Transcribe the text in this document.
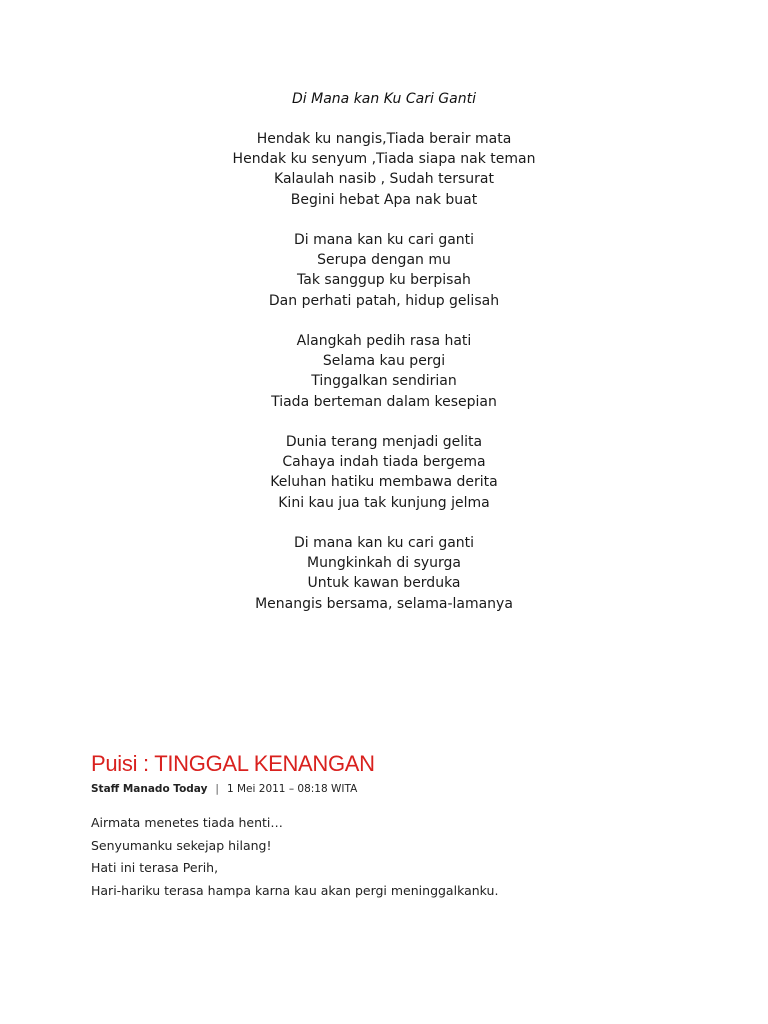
Di Mana kan Ku Cari Ganti
Hendak ku nangis,Tiada berair mata
Hendak ku senyum ,Tiada siapa nak teman
Kalaulah nasib , Sudah tersurat
Begini hebat Apa nak buat
Di mana kan ku cari ganti
Serupa dengan mu
Tak sanggup ku berpisah
Dan perhati patah, hidup gelisah
Alangkah pedih rasa hati
Selama kau pergi
Tinggalkan sendirian
Tiada berteman dalam kesepian
Dunia terang menjadi gelita
Cahaya indah tiada bergema
Keluhan hatiku membawa derita
Kini kau jua tak kunjung jelma
Di mana kan ku cari ganti
Mungkinkah di syurga
Untuk kawan berduka
Menangis bersama, selama-lamanya
Puisi : TINGGAL KENANGAN
Staff Manado Today | 1 Mei 2011 – 08:18 WITA
Airmata menetes tiada henti…
Senyumanku sekejap hilang!
Hati ini terasa Perih,
Hari-hariku terasa hampa karna kau akan pergi meninggalkanku.
